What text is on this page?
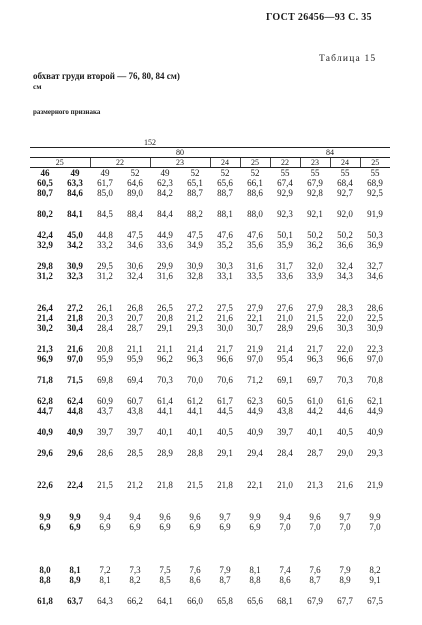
ГОСТ 26456—93 С. 35
Таблица 15
обхват груди второй — 76, 80, 84 см)
см
размерного признака
152											
		80						84			
25		22		23		24	25	22	23	24	25
46	49	49	52	49	52	52	52	55	55	55	55
60,5	63,3	61,7	64,6	62,3	65,1	65,6	66,1	67,4	67,9	68,4	68,9
80,7	84,6	85,0	89,0	84,2	88,7	88,7	88,6	92,9	92,8	92,7	92,5

80,2	84,1	84,5	88,4	84,4	88,2	88,1	88,0	92,3	92,1	92,0	91,9

42,4	45,0	44,8	47,5	44,9	47,5	47,6	47,6	50,1	50,2	50,2	50,3
32,9	34,2	33,2	34,6	33,6	34,9	35,2	35,6	35,9	36,2	36,6	36,9

29,8	30,9	29,5	30,6	29,9	30,9	30,3	31,6	31,7	32,0	32,4	32,7
31,2	32,3	31,2	32,4	31,6	32,8	33,1	33,5	33,6	33,9	34,3	34,6

26,4	27,2	26,1	26,8	26,5	27,2	27,5	27,9	27,6	27,9	28,3	28,6
21,4	21,8	20,3	20,7	20,8	21,2	21,6	22,1	21,0	21,5	22,0	22,5
30,2	30,4	28,4	28,7	29,1	29,3	30,0	30,7	28,9	29,6	30,3	30,9

21,3	21,6	20,8	21,1	21,1	21,4	21,7	21,9	21,4	21,7	22,0	22,3
96,9	97,0	95,9	95,9	96,2	96,3	96,6	97,0	95,4	96,3	96,6	97,0

71,8	71,5	69,8	69,4	70,3	70,0	70,6	71,2	69,1	69,7	70,3	70,8

62,8	62,4	60,9	60,7	61,4	61,2	61,7	62,3	60,5	61,0	61,6	62,1
44,7	44,8	43,7	43,8	44,1	44,1	44,5	44,9	43,8	44,2	44,6	44,9

40,9	40,9	39,7	39,7	40,1	40,1	40,5	40,9	39,7	40,1	40,5	40,9

29,6	29,6	28,6	28,5	28,9	28,8	29,1	29,4	28,4	28,7	29,0	29,3

22,6	22,4	21,5	21,2	21,8	21,5	21,8	22,1	21,0	21,3	21,6	21,9

9,9	9,9	9,4	9,4	9,6	9,6	9,7	9,9	9,4	9,6	9,7	9,9
6,9	6,9	6,9	6,9	6,9	6,9	6,9	6,9	7,0	7,0	7,0	7,0

8,0	8,1	7,2	7,3	7,5	7,6	7,9	8,1	7,4	7,6	7,9	8,2
8,8	8,9	8,1	8,2	8,5	8,6	8,7	8,8	8,6	8,7	8,9	9,1

61,8	63,7	64,3	66,2	64,1	66,0	65,8	65,6	68,1	67,9	67,7	67,5
